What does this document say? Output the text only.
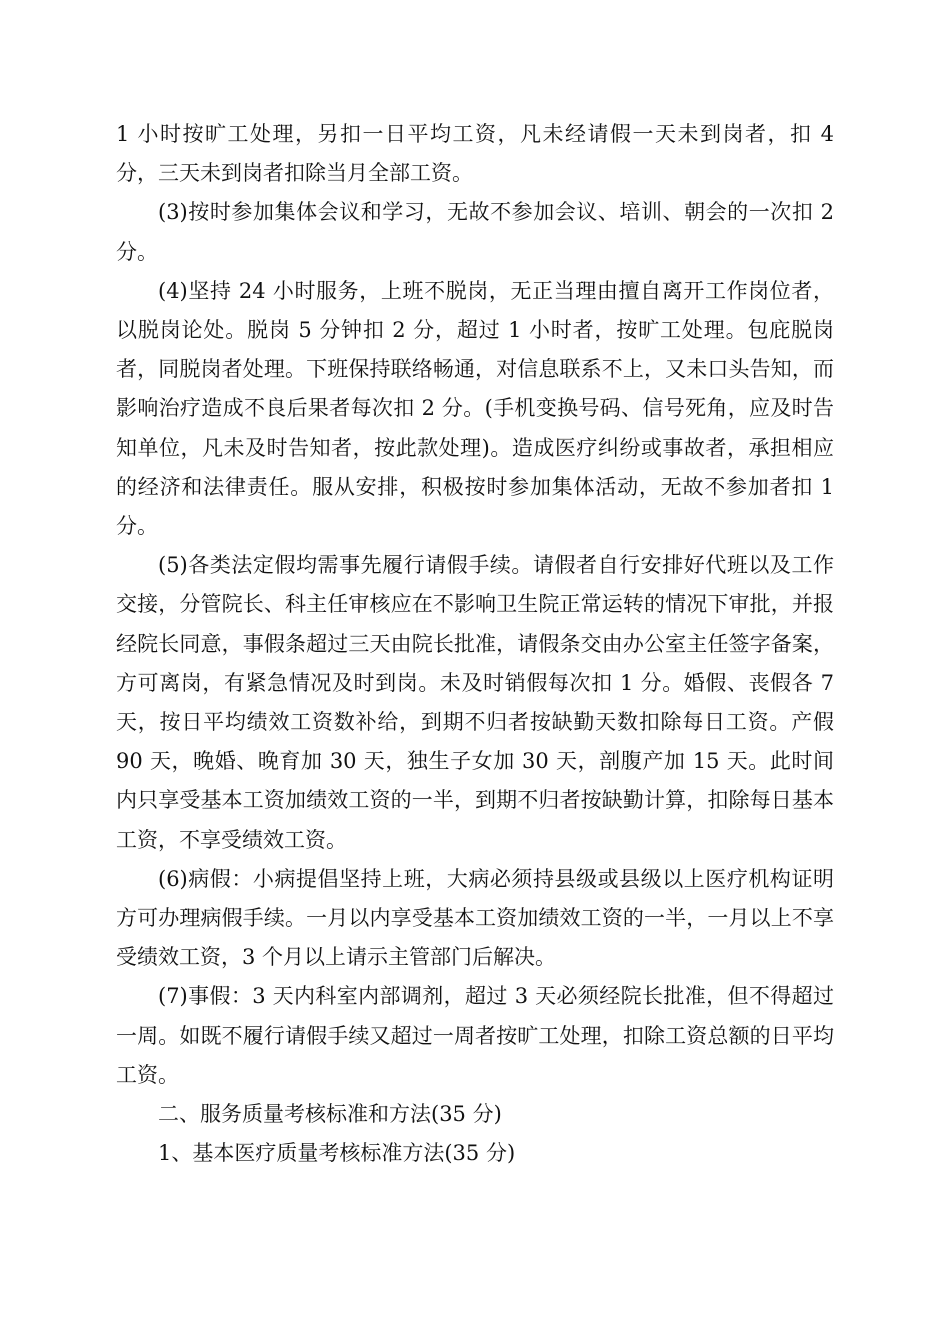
1 小时按旷工处理，另扣一日平均工资，凡未经请假一天未到岗者，扣 4 分，三天未到岗者扣除当月全部工资。

(3)按时参加集体会议和学习，无故不参加会议、培训、朝会的一次扣 2 分。

(4)坚持 24 小时服务，上班不脱岗，无正当理由擅自离开工作岗位者，以脱岗论处。脱岗 5 分钟扣 2 分，超过 1 小时者，按旷工处理。包庇脱岗者，同脱岗者处理。下班保持联络畅通，对信息联系不上，又未口头告知，而影响治疗造成不良后果者每次扣 2 分。(手机变换号码、信号死角，应及时告知单位，凡未及时告知者，按此款处理)。造成医疗纠纷或事故者，承担相应的经济和法律责任。服从安排，积极按时参加集体活动，无故不参加者扣 1 分。

(5)各类法定假均需事先履行请假手续。请假者自行安排好代班以及工作交接，分管院长、科主任审核应在不影响卫生院正常运转的情况下审批，并报经院长同意，事假条超过三天由院长批准，请假条交由办公室主任签字备案，方可离岗，有紧急情况及时到岗。未及时销假每次扣 1 分。婚假、丧假各 7 天，按日平均绩效工资数补给，到期不归者按缺勤天数扣除每日工资。产假 90 天，晚婚、晚育加 30 天，独生子女加 30 天，剖腹产加 15 天。此时间内只享受基本工资加绩效工资的一半，到期不归者按缺勤计算，扣除每日基本工资，不享受绩效工资。

(6)病假：小病提倡坚持上班，大病必须持县级或县级以上医疗机构证明方可办理病假手续。一月以内享受基本工资加绩效工资的一半，一月以上不享受绩效工资，3 个月以上请示主管部门后解决。

(7)事假：3 天内科室内部调剂，超过 3 天必须经院长批准，但不得超过一周。如既不履行请假手续又超过一周者按旷工处理，扣除工资总额的日平均工资。

二、服务质量考核标准和方法(35 分)

1、基本医疗质量考核标准方法(35 分)
